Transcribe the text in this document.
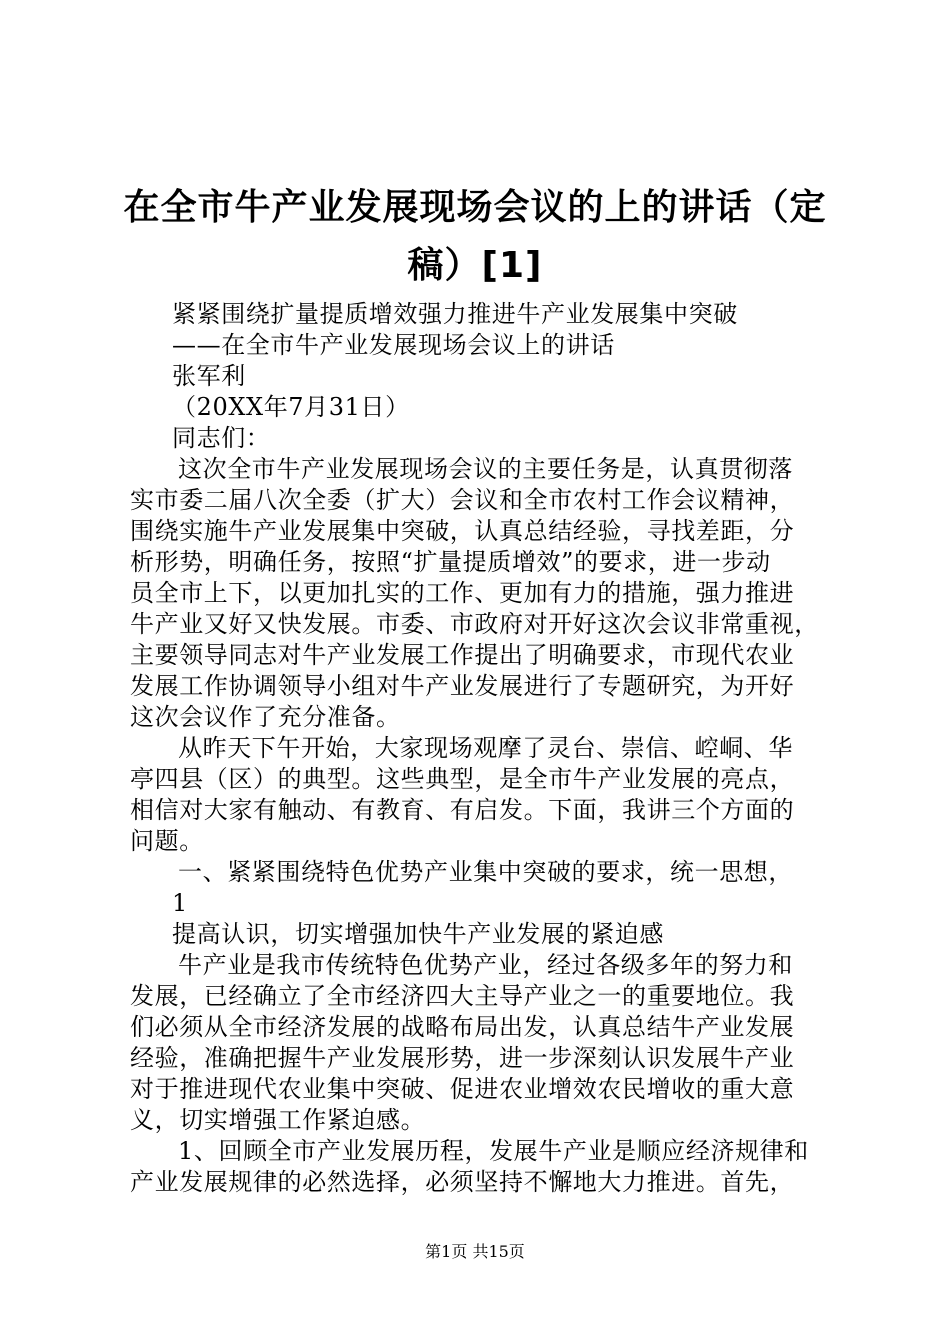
在全市牛产业发展现场会议的上的讲话（定
稿）[1]
紧紧围绕扩量提质增效强力推进牛产业发展集中突破
——在全市牛产业发展现场会议上的讲话
张军利
（20XX年7月31日）
同志们：
这次全市牛产业发展现场会议的主要任务是，认真贯彻落
实市委二届八次全委（扩大）会议和全市农村工作会议精神，
围绕实施牛产业发展集中突破，认真总结经验，寻找差距，分
析形势，明确任务，按照“扩量提质增效”的要求，进一步动
员全市上下，以更加扎实的工作、更加有力的措施，强力推进
牛产业又好又快发展。市委、市政府对开好这次会议非常重视，
主要领导同志对牛产业发展工作提出了明确要求，市现代农业
发展工作协调领导小组对牛产业发展进行了专题研究，为开好
这次会议作了充分准备。
从昨天下午开始，大家现场观摩了灵台、崇信、崆峒、华
亭四县（区）的典型。这些典型，是全市牛产业发展的亮点，
相信对大家有触动、有教育、有启发。下面，我讲三个方面的
问题。
一、紧紧围绕特色优势产业集中突破的要求，统一思想，
1
提高认识，切实增强加快牛产业发展的紧迫感
牛产业是我市传统特色优势产业，经过各级多年的努力和
发展，已经确立了全市经济四大主导产业之一的重要地位。我
们必须从全市经济发展的战略布局出发，认真总结牛产业发展
经验，准确把握牛产业发展形势，进一步深刻认识发展牛产业
对于推进现代农业集中突破、促进农业增效农民增收的重大意
义，切实增强工作紧迫感。
1、回顾全市产业发展历程，发展牛产业是顺应经济规律和
产业发展规律的必然选择，必须坚持不懈地大力推进。首先，
第1页 共15页
